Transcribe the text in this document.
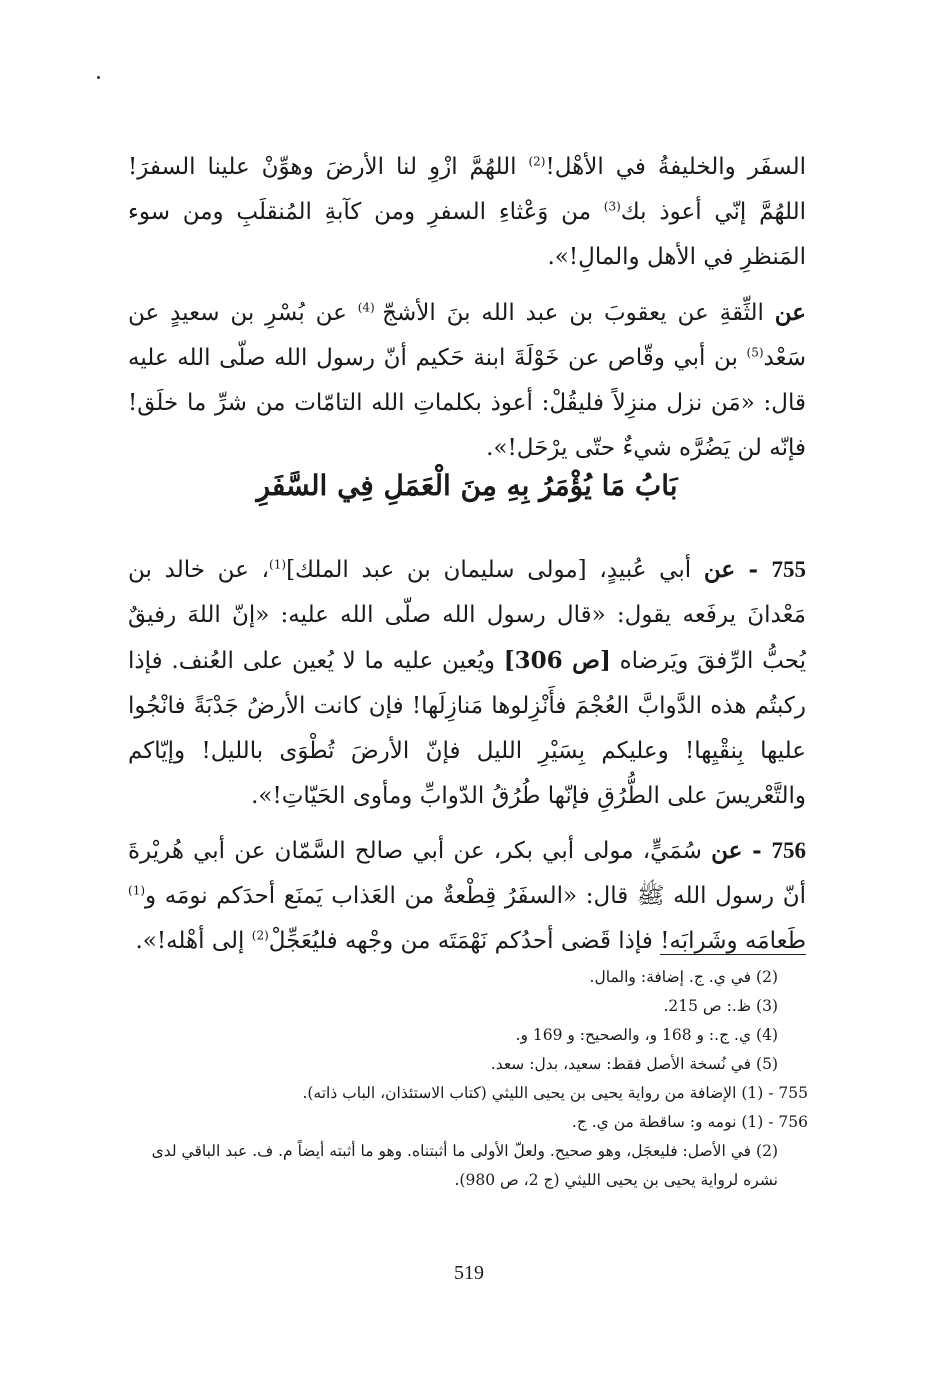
السفَر والخليفةُ في الأهْل!$^{(2)}$ اللهُمَّ ازْوِ لنا الأرضَ وهوِّنْ علينا السفرَ! اللهُمَّ إنّي أعوذ بك$^{(3)}$ من وَعْثاءِ السفرِ ومن كآبةِ المُنقلَبِ ومن سوء المَنظرِ في الأهل والمالِ!».

عن الثِّقةِ عن يعقوبَ بن عبد الله بنَ الأشجّ $^{(4)}$ عن بُسْرِ بن سعيدٍ عن سَعْد$^{(5)}$ بن أبي وقّاص عن خَوْلَةَ ابنة حَكيم أنّ رسول الله صلّى الله عليه قال: «مَن نزل منزِلاً فليقُلْ: أعوذ بكلماتِ الله التامّات من شرِّ ما خلَق! فإنّه لن يَضُرَّه شيءٌ حتّى يرْحَل!».

بَابُ مَا يُؤْمَرُ بِهِ مِنَ الْعَمَلِ فِي السَّفَرِ

755 - عن أبي عُبيدٍ، [مولى سليمان بن عبد الملك]$^{(1)}$، عن خالد بن مَعْدانَ يرفَعه يقول: «قال رسول الله صلّى الله عليه: «إنّ اللهَ رفيقٌ يُحبُّ الرِّفقَ ويَرضاه [ص 306] ويُعين عليه ما لا يُعين على العُنف. فإذا ركبتُم هذه الدَّوابَّ العُجْمَ فأَنْزِلوها مَنازِلَها! فإن كانت الأرضُ جَدْبَةً فانْجُوا عليها بِنقْيِها! وعليكم بِسَيْرِ الليل فإنّ الأرضَ تُطْوَى بالليل! وإيّاكم والتَّعْريسَ على الطُّرُقِ فإنّها طُرُقُ الدّوابِّ ومأوى الحَيّاتِ!».

756 - عن سُمَيٍّ، مولى أبي بكر، عن أبي صالح السَّمّان عن أبي هُريْرةَ أنّ رسول الله ﷺ قال: «السفَرُ قِطْعةٌ من العَذاب يَمنَع أحدَكم نومَه و$^{(1)}$ طَعامَه وشَرابَه! فإذا قَضى أحدُكم نَهْمَتَه من وجْهه فليُعَجِّلْ$^{(2)}$ إلى أهْله!».

(2) في ي. ج. إضافة: والمال.

(3) ظ.: ص 215.

(4) ي. ج.: و 168 و، والصحيح: و 169 و.

(5) في نُسخة الأصل فقط: سعيد، بدل: سعد.

755 - (1) الإضافة من رواية يحيى بن يحيى الليثي (كتاب الاستئذان، الباب ذاته).

756 - (1) نومه و: ساقطة من ي. ج.

(2) في الأصل: فليعجَل، وهو صحيح. ولعلّ الأولى ما أثبتناه. وهو ما أثبته أيضاً م. ف. عبد الباقي لدى نشره لرواية يحيى بن يحيى الليثي (ج 2، ص 980).

519
